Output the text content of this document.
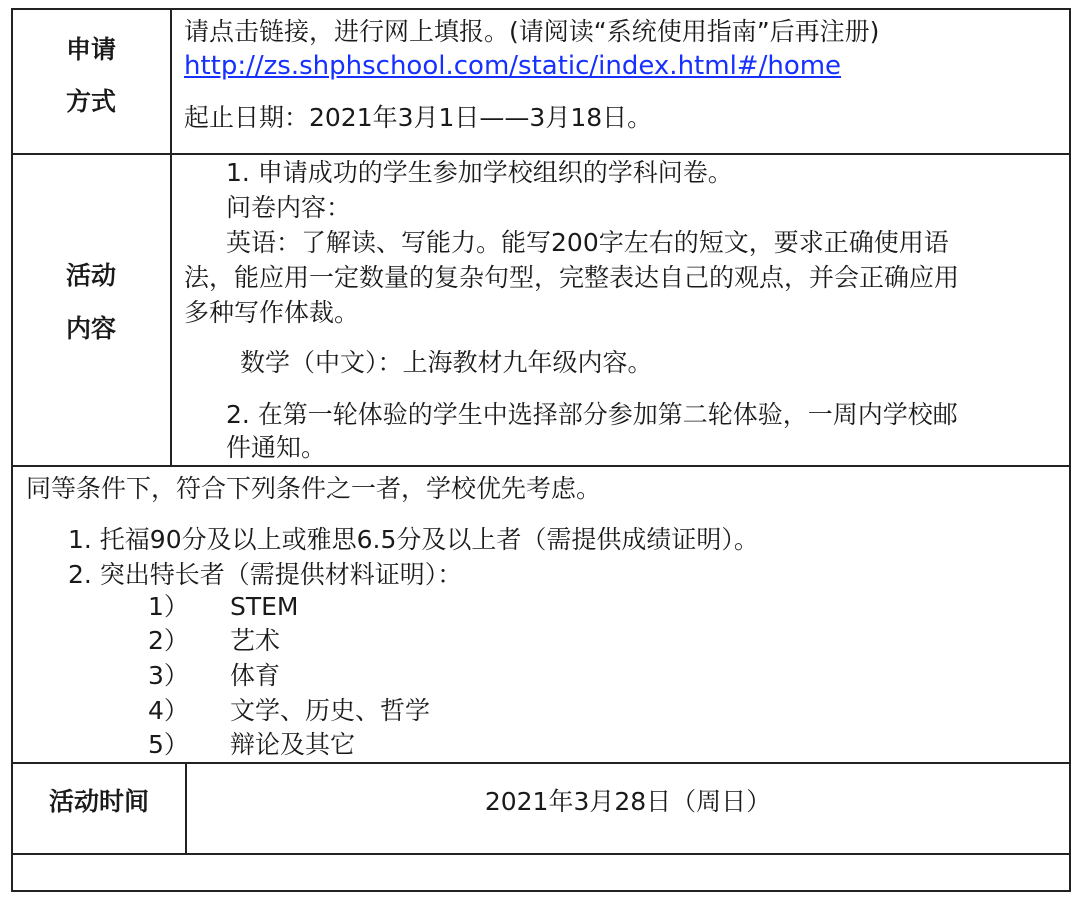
申请
方式
请点击链接，进行网上填报。(请阅读“系统使用指南”后再注册)
http://zs.shphschool.com/static/index.html#/home
起止日期：2021年3月1日——3月18日。
活动
内容
1. 申请成功的学生参加学校组织的学科问卷。
问卷内容：
英语：了解读、写能力。能写200字左右的短文，要求正确使用语
法，能应用一定数量的复杂句型，完整表达自己的观点，并会正确应用
多种写作体裁。
数学（中文）：上海教材九年级内容。
2. 在第一轮体验的学生中选择部分参加第二轮体验，一周内学校邮
件通知。
同等条件下，符合下列条件之一者，学校优先考虑。
1. 托福90分及以上或雅思6.5分及以上者（需提供成绩证明）。
2. 突出特长者（需提供材料证明）：
1） STEM
2） 艺术
3） 体育
4） 文学、历史、哲学
5） 辩论及其它
活动时间	2021年3月28日（周日）
